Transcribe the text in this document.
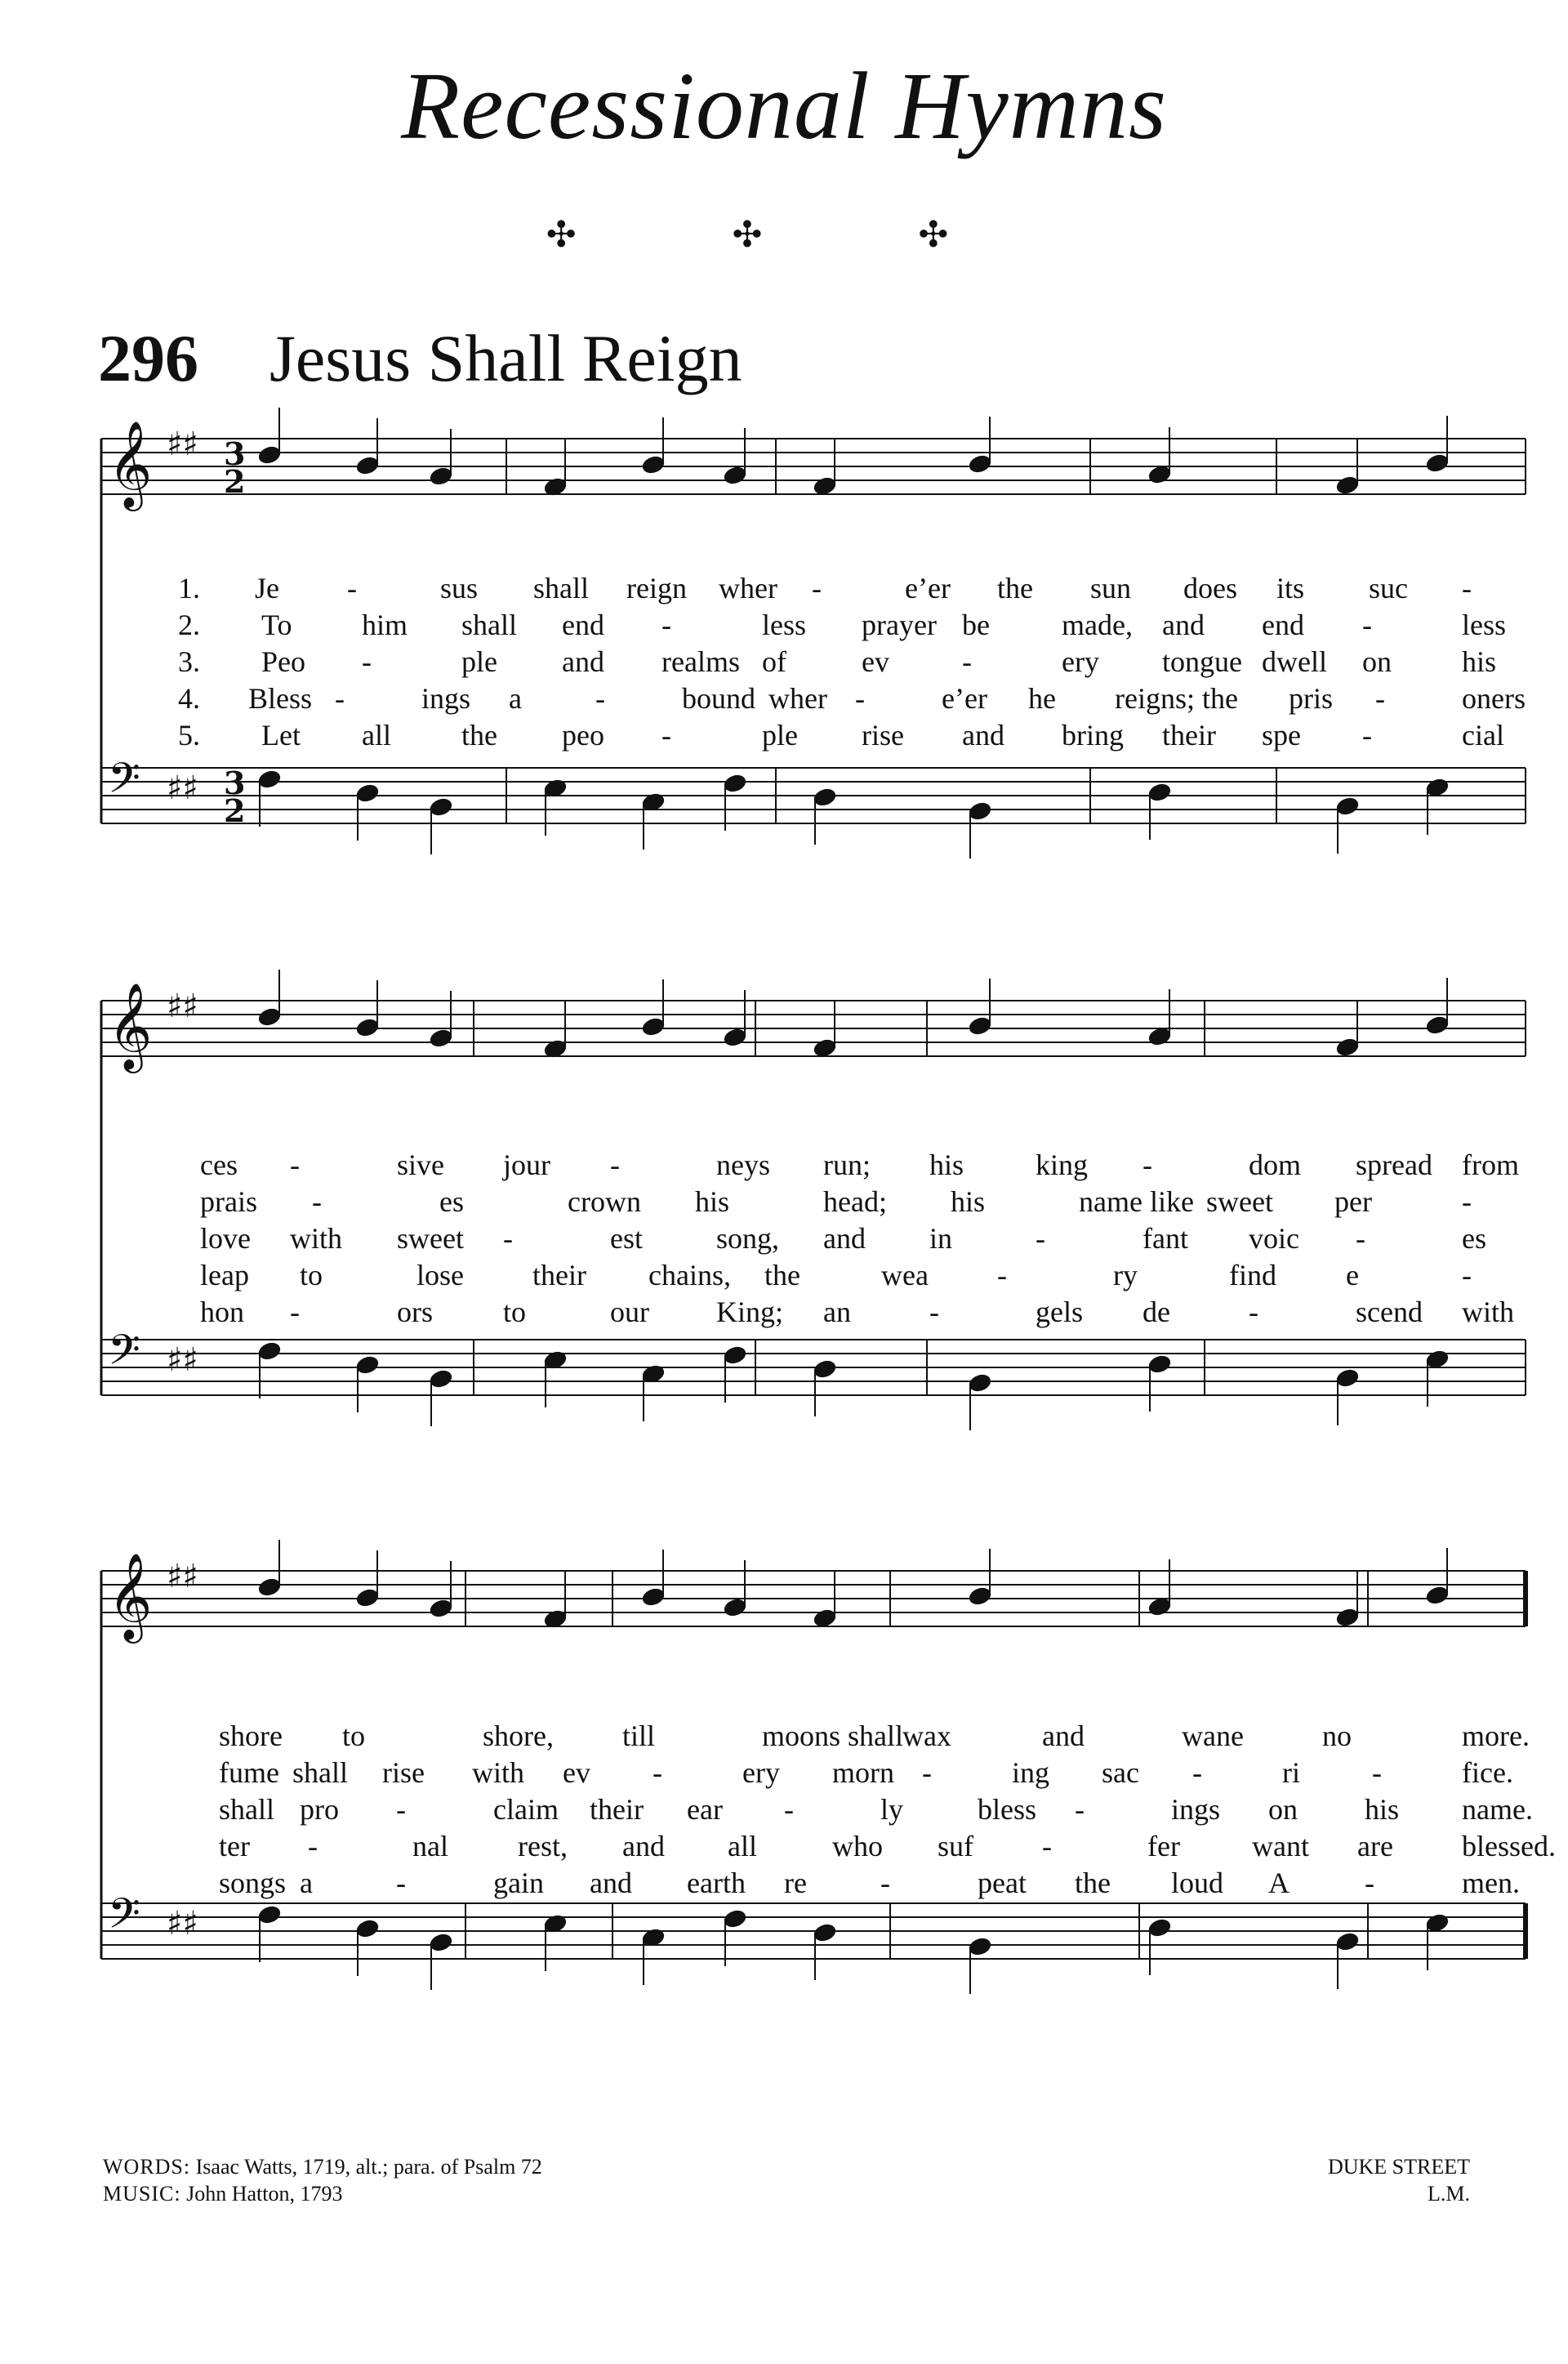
Recessional Hymns
✣ ✣ ✣
296 Jesus Shall Reign
𝄞 ♯♯
𝄢 ♯♯
2
3
2
3
𝄞 ♯♯
𝄢 ♯♯
𝄞 ♯♯
𝄢 ♯♯
1. Je -	sus shall reign wher -	e’er the sun does its suc -
2. To him shall end -	less prayer be made, and end -	less
3. Peo -	ple and realms of	ev -	ery tongue dwell on his
4. Bless -	ings a	-	bound wher -	e’er he reigns; the pris -	oners
5. Let all the peo -	ple rise and bring their spe -	cial
ces -	sive jour -	neys run; his king -	dom spread from
prais -	es	crown his	head; his	name like sweet per	-
love with sweet -	est	song, and in	-	fant voic -	es
leap to	lose their chains, the	wea -	ry	find e	-
hon -	ors to	our King; an	-	gels de	-	scend with
shore to	shore, till	moons shall
wax	and	wane	no	more.
fume shall rise with ev -	ery morn -	ing sac -	ri -	fice.
shall pro -	claim their ear -	ly	bless -	ings on his name.
ter -	nal rest, and all	who suf -	fer want are blessed.
songs a	-	gain and earth re	-	peat the loud A	-	men.
WORDS: Isaac Watts, 1719, alt.; para. of Psalm 72
MUSIC: John Hatton, 1793
DUKE STREET
L.M.
